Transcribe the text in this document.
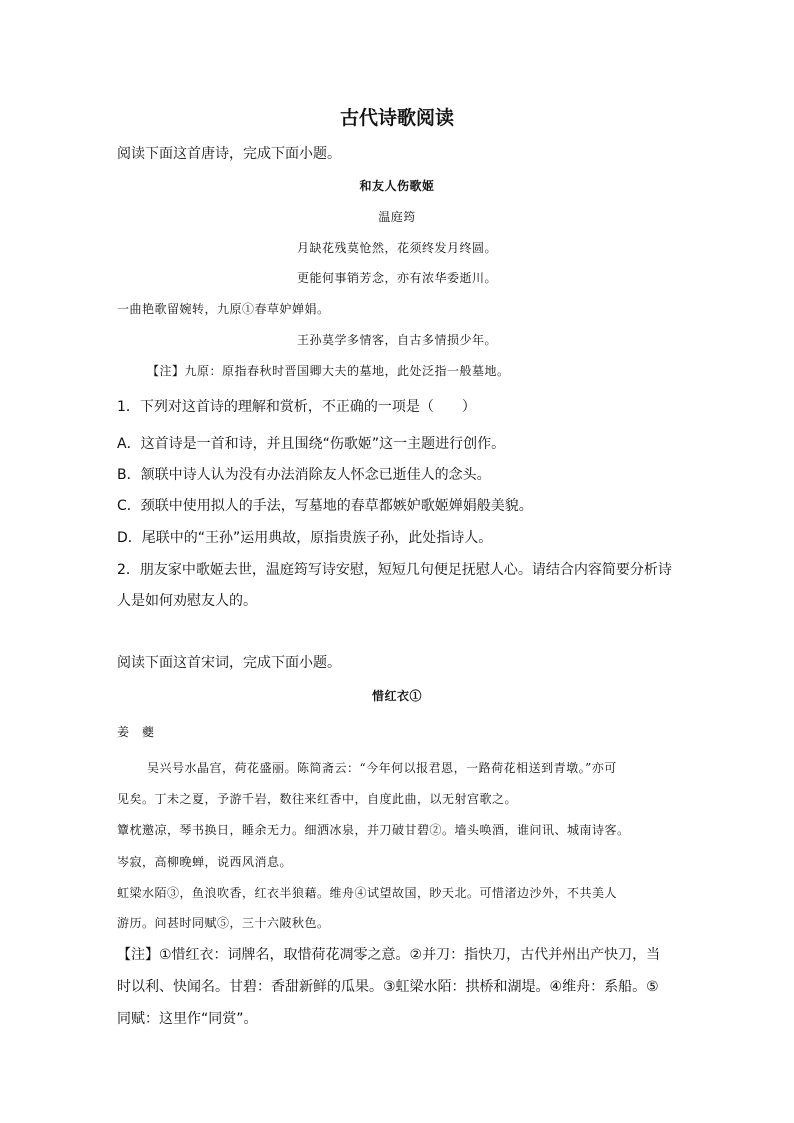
古代诗歌阅读
阅读下面这首唐诗，完成下面小题。
和友人伤歌姬
温庭筠
月缺花残莫怆然，花须终发月终圆。
更能何事销芳念，亦有浓华委逝川。
一曲艳歌留婉转，九原①春草妒婵娟。
王孙莫学多情客，自古多情损少年。
【注】九原：原指春秋时晋国卿大夫的墓地，此处泛指一般墓地。
1．下列对这首诗的理解和赏析，不正确的一项是（　　）
A．这首诗是一首和诗，并且围绕“伤歌姬”这一主题进行创作。
B．颔联中诗人认为没有办法消除友人怀念已逝佳人的念头。
C．颈联中使用拟人的手法，写墓地的春草都嫉妒歌姬婵娟般美貌。
D．尾联中的“王孙”运用典故，原指贵族子孙，此处指诗人。
2．朋友家中歌姬去世，温庭筠写诗安慰，短短几句便足抚慰人心。请结合内容简要分析诗
人是如何劝慰友人的。
阅读下面这首宋词，完成下面小题。
惜红衣①
姜　夔
吴兴号水晶宫，荷花盛丽。陈简斋云：“今年何以报君恩，一路荷花相送到青墩。”亦可
见矣。丁未之夏，予游千岩，数往来红香中，自度此曲，以无射宫歌之。
簟枕邀凉，琴书换日，睡余无力。细洒冰泉，并刀破甘碧②。墙头唤酒，谁问讯、城南诗客。
岑寂，高柳晚蝉，说西风消息。
虹梁水陌③，鱼浪吹香，红衣半狼藉。维舟④试望故国，眇天北。可惜渚边沙外，不共美人
游历。问甚时同赋⑤，三十六陂秋色。
【注】①惜红衣：词牌名，取惜荷花凋零之意。②并刀：指快刀，古代并州出产快刀，当
时以利、快闻名。甘碧：香甜新鲜的瓜果。③虹梁水陌：拱桥和湖堤。④维舟：系船。⑤
同赋：这里作“同赏”。
